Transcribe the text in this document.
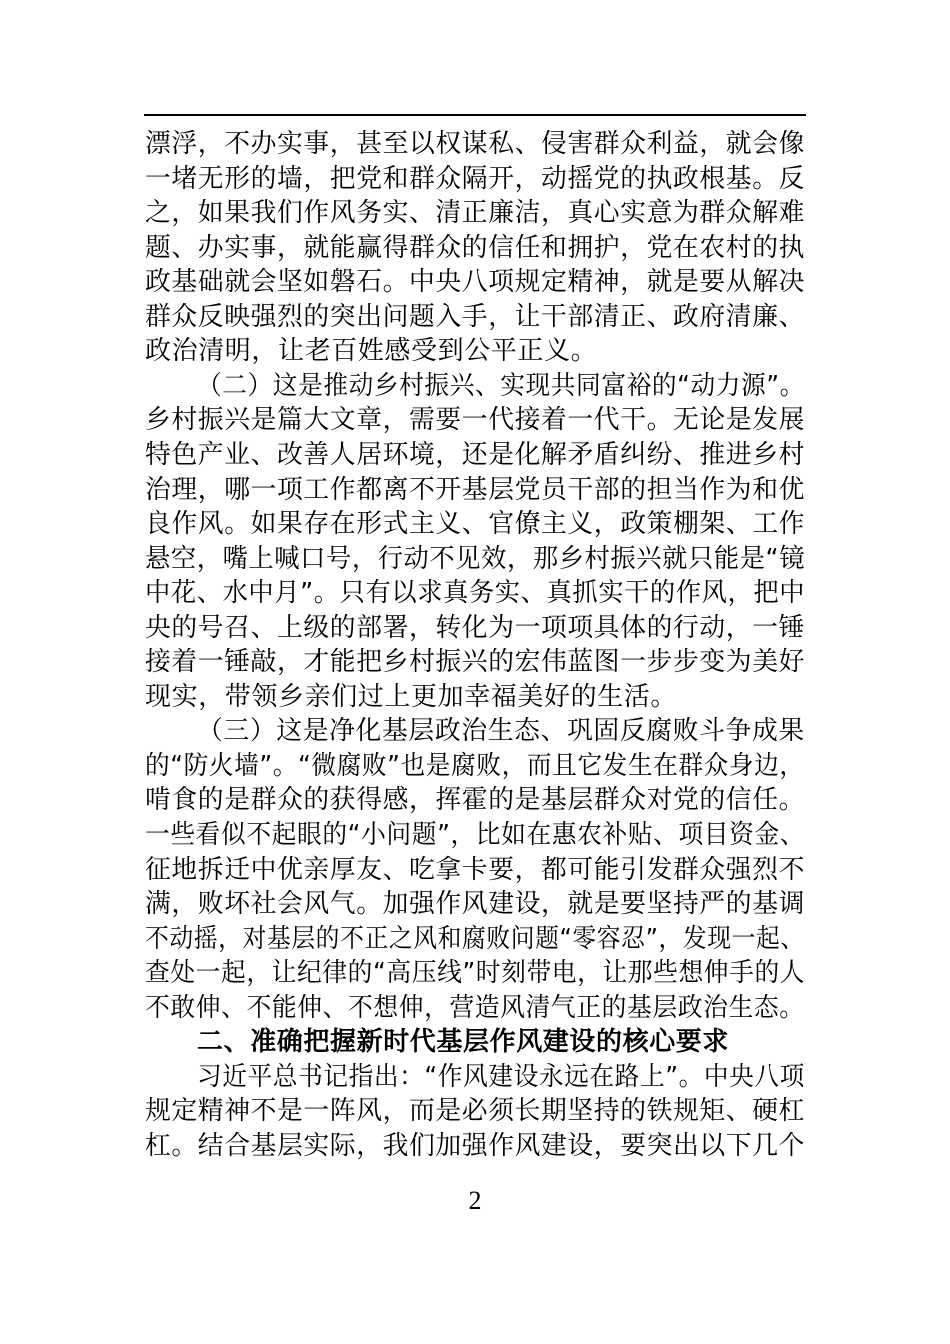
漂浮，不办实事，甚至以权谋私、侵害群众利益，就会像
一堵无形的墙，把党和群众隔开，动摇党的执政根基。反
之，如果我们作风务实、清正廉洁，真心实意为群众解难
题、办实事，就能赢得群众的信任和拥护，党在农村的执
政基础就会坚如磐石。中央八项规定精神，就是要从解决
群众反映强烈的突出问题入手，让干部清正、政府清廉、
政治清明，让老百姓感受到公平正义。
（二）这是推动乡村振兴、实现共同富裕的“动力源”。
乡村振兴是篇大文章，需要一代接着一代干。无论是发展
特色产业、改善人居环境，还是化解矛盾纠纷、推进乡村
治理，哪一项工作都离不开基层党员干部的担当作为和优
良作风。如果存在形式主义、官僚主义，政策棚架、工作
悬空，嘴上喊口号，行动不见效，那乡村振兴就只能是“镜
中花、水中月”。只有以求真务实、真抓实干的作风，把中
央的号召、上级的部署，转化为一项项具体的行动，一锤
接着一锤敲，才能把乡村振兴的宏伟蓝图一步步变为美好
现实，带领乡亲们过上更加幸福美好的生活。
（三）这是净化基层政治生态、巩固反腐败斗争成果
的“防火墙”。“微腐败”也是腐败，而且它发生在群众身边，
啃食的是群众的获得感，挥霍的是基层群众对党的信任。
一些看似不起眼的“小问题”，比如在惠农补贴、项目资金、
征地拆迁中优亲厚友、吃拿卡要，都可能引发群众强烈不
满，败坏社会风气。加强作风建设，就是要坚持严的基调
不动摇，对基层的不正之风和腐败问题“零容忍”，发现一起、
查处一起，让纪律的“高压线”时刻带电，让那些想伸手的人
不敢伸、不能伸、不想伸，营造风清气正的基层政治生态。
二、准确把握新时代基层作风建设的核心要求
习近平总书记指出：“作风建设永远在路上”。中央八项
规定精神不是一阵风，而是必须长期坚持的铁规矩、硬杠
杠。结合基层实际，我们加强作风建设，要突出以下几个
2
